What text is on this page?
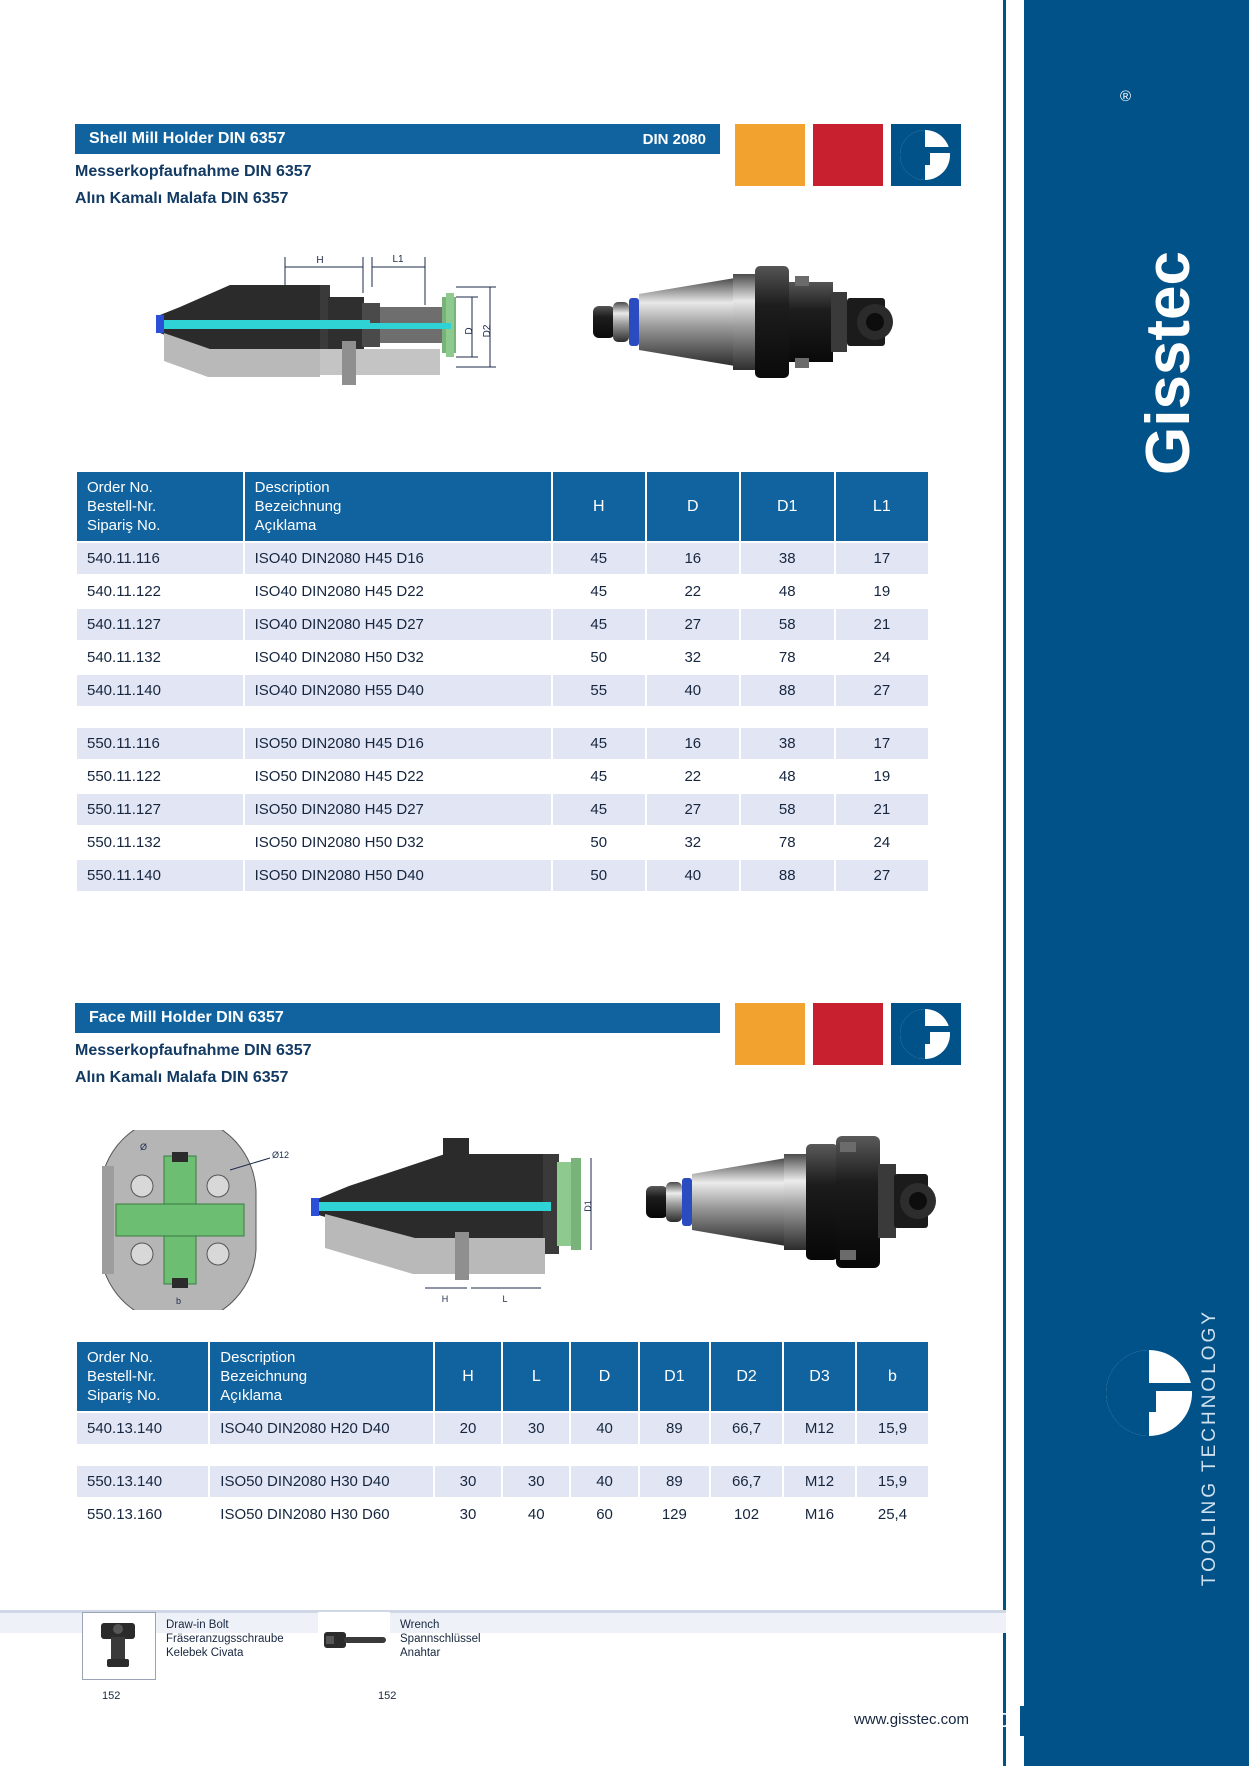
®
Gisstec
TOOLING TECHNOLOGY
Shell Mill Holder DIN 6357	DIN 2080
Messerkopfaufnahme DIN 6357
Alın Kamalı Malafa DIN 6357
H	L1
D D2
Order No.
Bestell-Nr.
Sipariş No.

Description
Bezeichnung
Açıklama
	H	D	D1	L1
540.11.116	ISO40 DIN2080 H45 D16	45	16	38	17
540.11.122	ISO40 DIN2080 H45 D22	45	22	48	19
540.11.127	ISO40 DIN2080 H45 D27	45	27	58	21
540.11.132	ISO40 DIN2080 H50 D32	50	32	78	24
540.11.140	ISO40 DIN2080 H55 D40	55	40	88	27

550.11.116	ISO50 DIN2080 H45 D16	45	16	38	17
550.11.122	ISO50 DIN2080 H45 D22	45	22	48	19
550.11.127	ISO50 DIN2080 H45 D27	45	27	58	21
550.11.132	ISO50 DIN2080 H50 D32	50	32	78	24
550.11.140	ISO50 DIN2080 H50 D40	50	40	88	27
Face Mill Holder DIN 6357
Messerkopfaufnahme DIN 6357
Alın Kamalı Malafa DIN 6357
Ø12
Ø
b
D1
L
H
Order No.
Bestell-Nr.
Sipariş No.

Description
Bezeichnung
Açıklama
	H	L	D	D1	D2	D3	b
540.13.140	ISO40 DIN2080 H20 D40	20	30	40	89	66,7	M12	15,9

550.13.140	ISO50 DIN2080 H30 D40	30	30	40	89	66,7	M12	15,9
550.13.160	ISO50 DIN2080 H30 D60	30	40	60	129	102	M16	25,4
Draw-in Bolt
Fräseranzugsschraube
Kelebek Civata
152
Wrench
Spannschlüssel
Anahtar
152
www.gisstec.com 109
